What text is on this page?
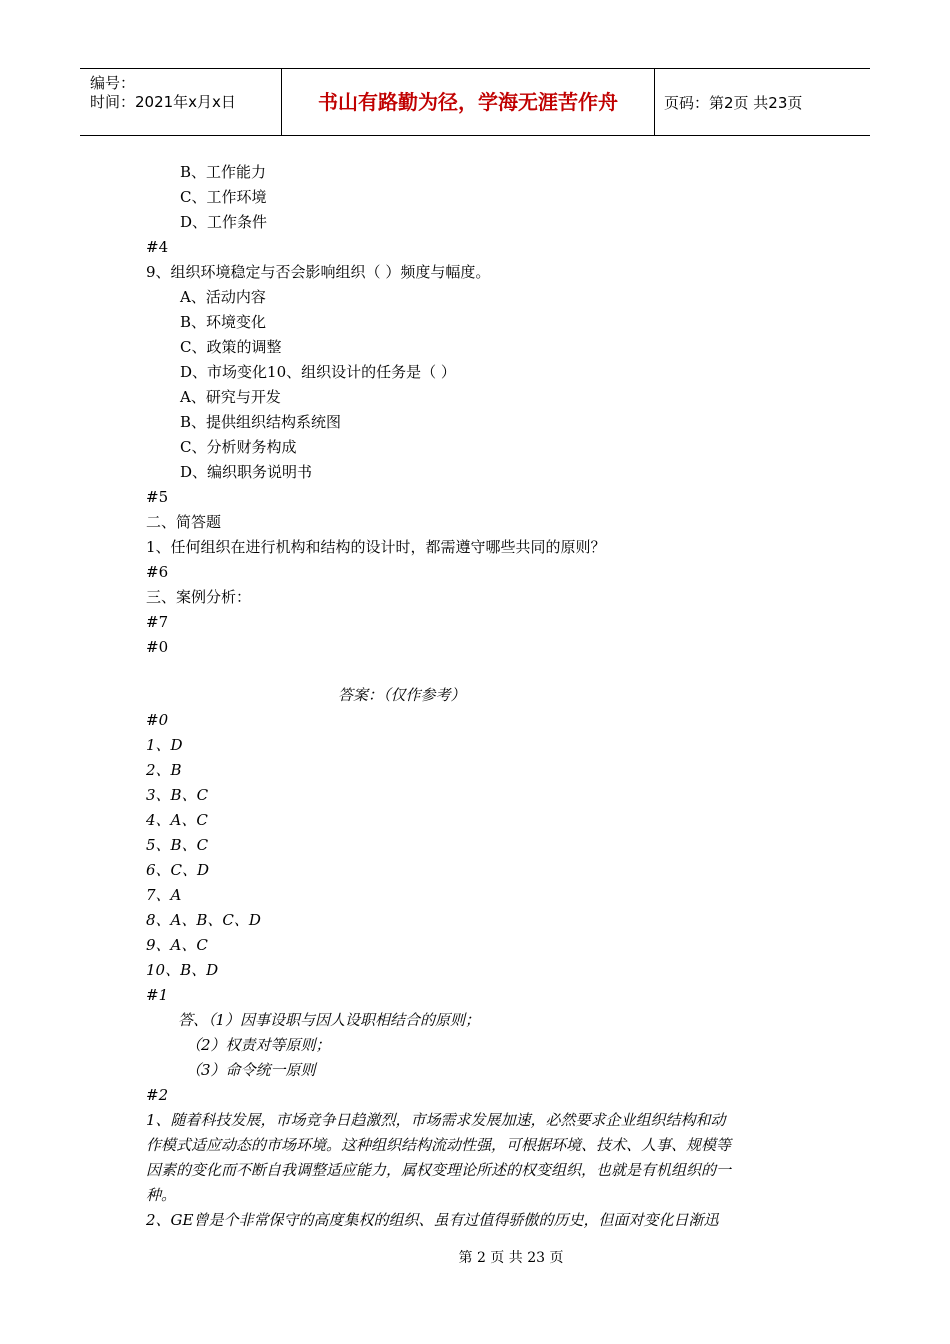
编号：
时间：2021年x月x日	书山有路勤为径，学海无涯苦作舟	页码：第2页 共23页
B、工作能力
C、工作环境
D、工作条件
#4
9、组织环境稳定与否会影响组织（ ）频度与幅度。
A、活动内容
B、环境变化
C、政策的调整
D、市场变化10、组织设计的任务是（ ）
A、研究与开发
B、提供组织结构系统图
C、分析财务构成
D、编织职务说明书
#5
二、简答题
1、任何组织在进行机构和结构的设计时，都需遵守哪些共同的原则？
#6
三、案例分析：
#7
#0
答案：（仅作参考）
#0
1、D
2、B
3、B、C
4、A、C
5、B、C
6、C、D
7、A
8、A、B、C、D
9、A、C
10、B、D
#1
答、（1）因事设职与因人设职相结合的原则；
（2）权责对等原则；
（3）命令统一原则
#2
1、随着科技发展，市场竞争日趋激烈，市场需求发展加速，必然要求企业组织结构和动
作模式适应动态的市场环境。这种组织结构流动性强，可根据环境、技术、人事、规模等
因素的变化而不断自我调整适应能力，属权变理论所述的权变组织，也就是有机组织的一
种。
2、GE曾是个非常保守的高度集权的组织、虽有过值得骄傲的历史，但面对变化日渐迅
第 2 页 共 23 页
